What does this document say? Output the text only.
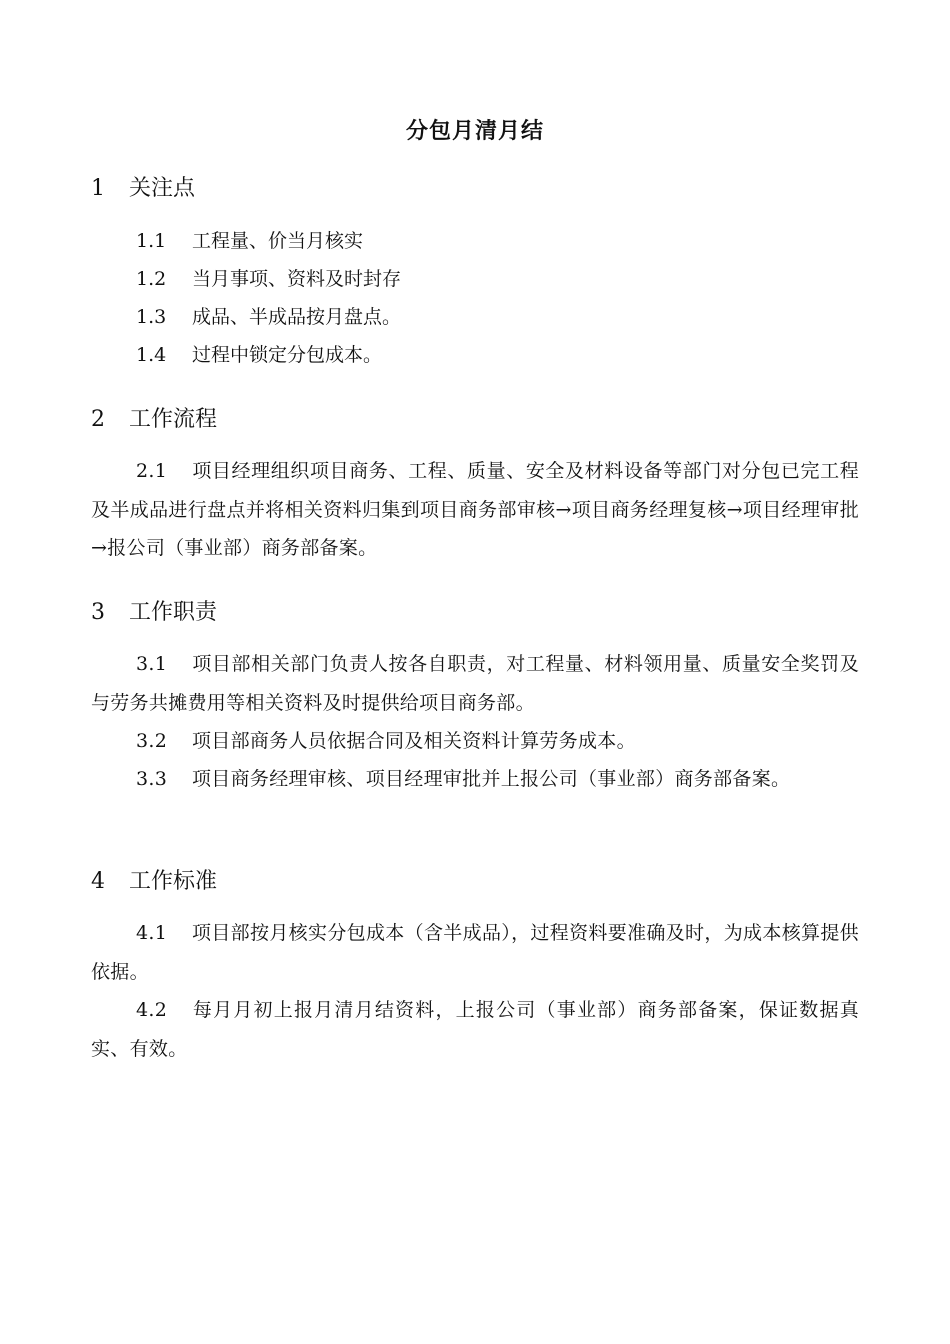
分包月清月结
1 关注点
1.1 工程量、价当月核实
1.2 当月事项、资料及时封存
1.3 成品、半成品按月盘点。
1.4 过程中锁定分包成本。
2 工作流程
2.1 项目经理组织项目商务、工程、质量、安全及材料设备等部门对分包已完工程及半成品进行盘点并将相关资料归集到项目商务部审核→项目商务经理复核→项目经理审批→报公司（事业部）商务部备案。
3 工作职责
3.1 项目部相关部门负责人按各自职责，对工程量、材料领用量、质量安全奖罚及与劳务共摊费用等相关资料及时提供给项目商务部。
3.2 项目部商务人员依据合同及相关资料计算劳务成本。
3.3 项目商务经理审核、项目经理审批并上报公司（事业部）商务部备案。
4 工作标准
4.1 项目部按月核实分包成本（含半成品），过程资料要准确及时，为成本核算提供依据。
4.2 每月月初上报月清月结资料，上报公司（事业部）商务部备案，保证数据真实、有效。
